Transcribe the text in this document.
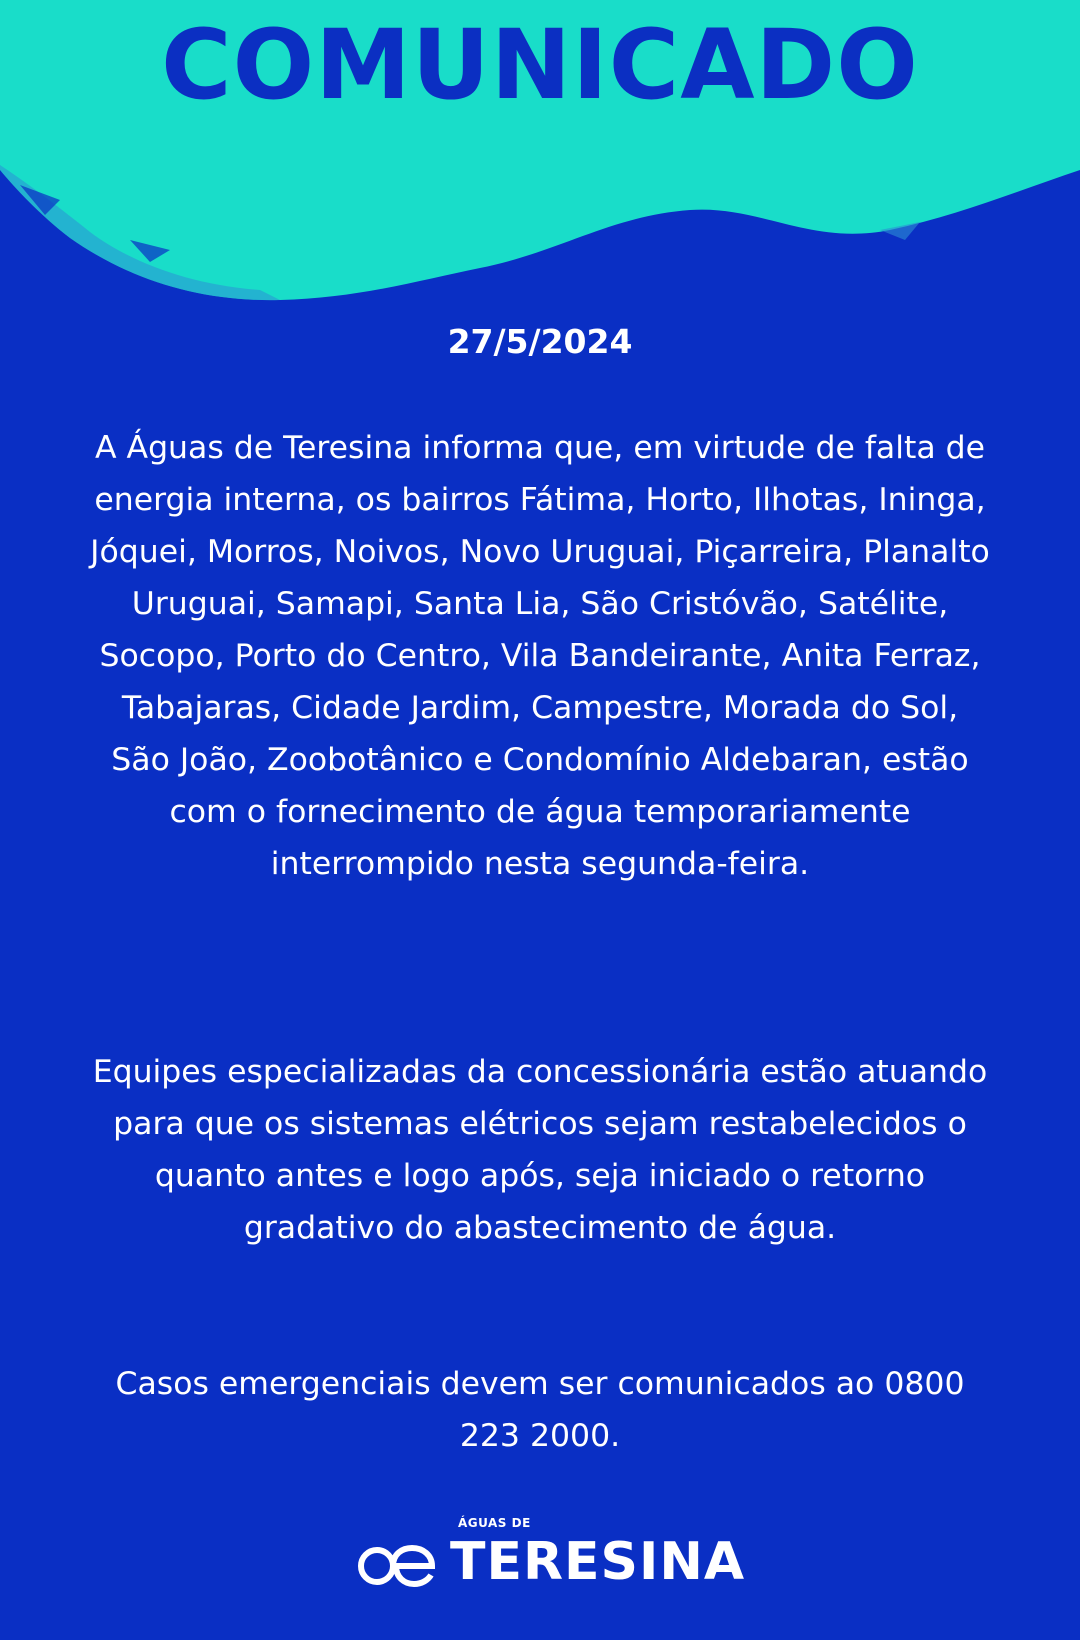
COMUNICADO
27/5/2024
A Águas de Teresina informa que, em virtude de falta de energia interna, os bairros Fátima, Horto, Ilhotas, Ininga, Jóquei, Morros, Noivos, Novo Uruguai, Piçarreira, Planalto Uruguai, Samapi, Santa Lia, São Cristóvão, Satélite, Socopo, Porto do Centro, Vila Bandeirante, Anita Ferraz, Tabajaras, Cidade Jardim, Campestre, Morada do Sol, São João, Zoobotânico e Condomínio Aldebaran, estão com o fornecimento de água temporariamente interrompido nesta segunda-feira.
Equipes especializadas da concessionária estão atuando para que os sistemas elétricos sejam restabelecidos o quanto antes e logo após, seja iniciado o retorno gradativo do abastecimento de água.
Casos emergenciais devem ser comunicados ao 0800 223 2000.
ÁGUAS DE
TERESINA
